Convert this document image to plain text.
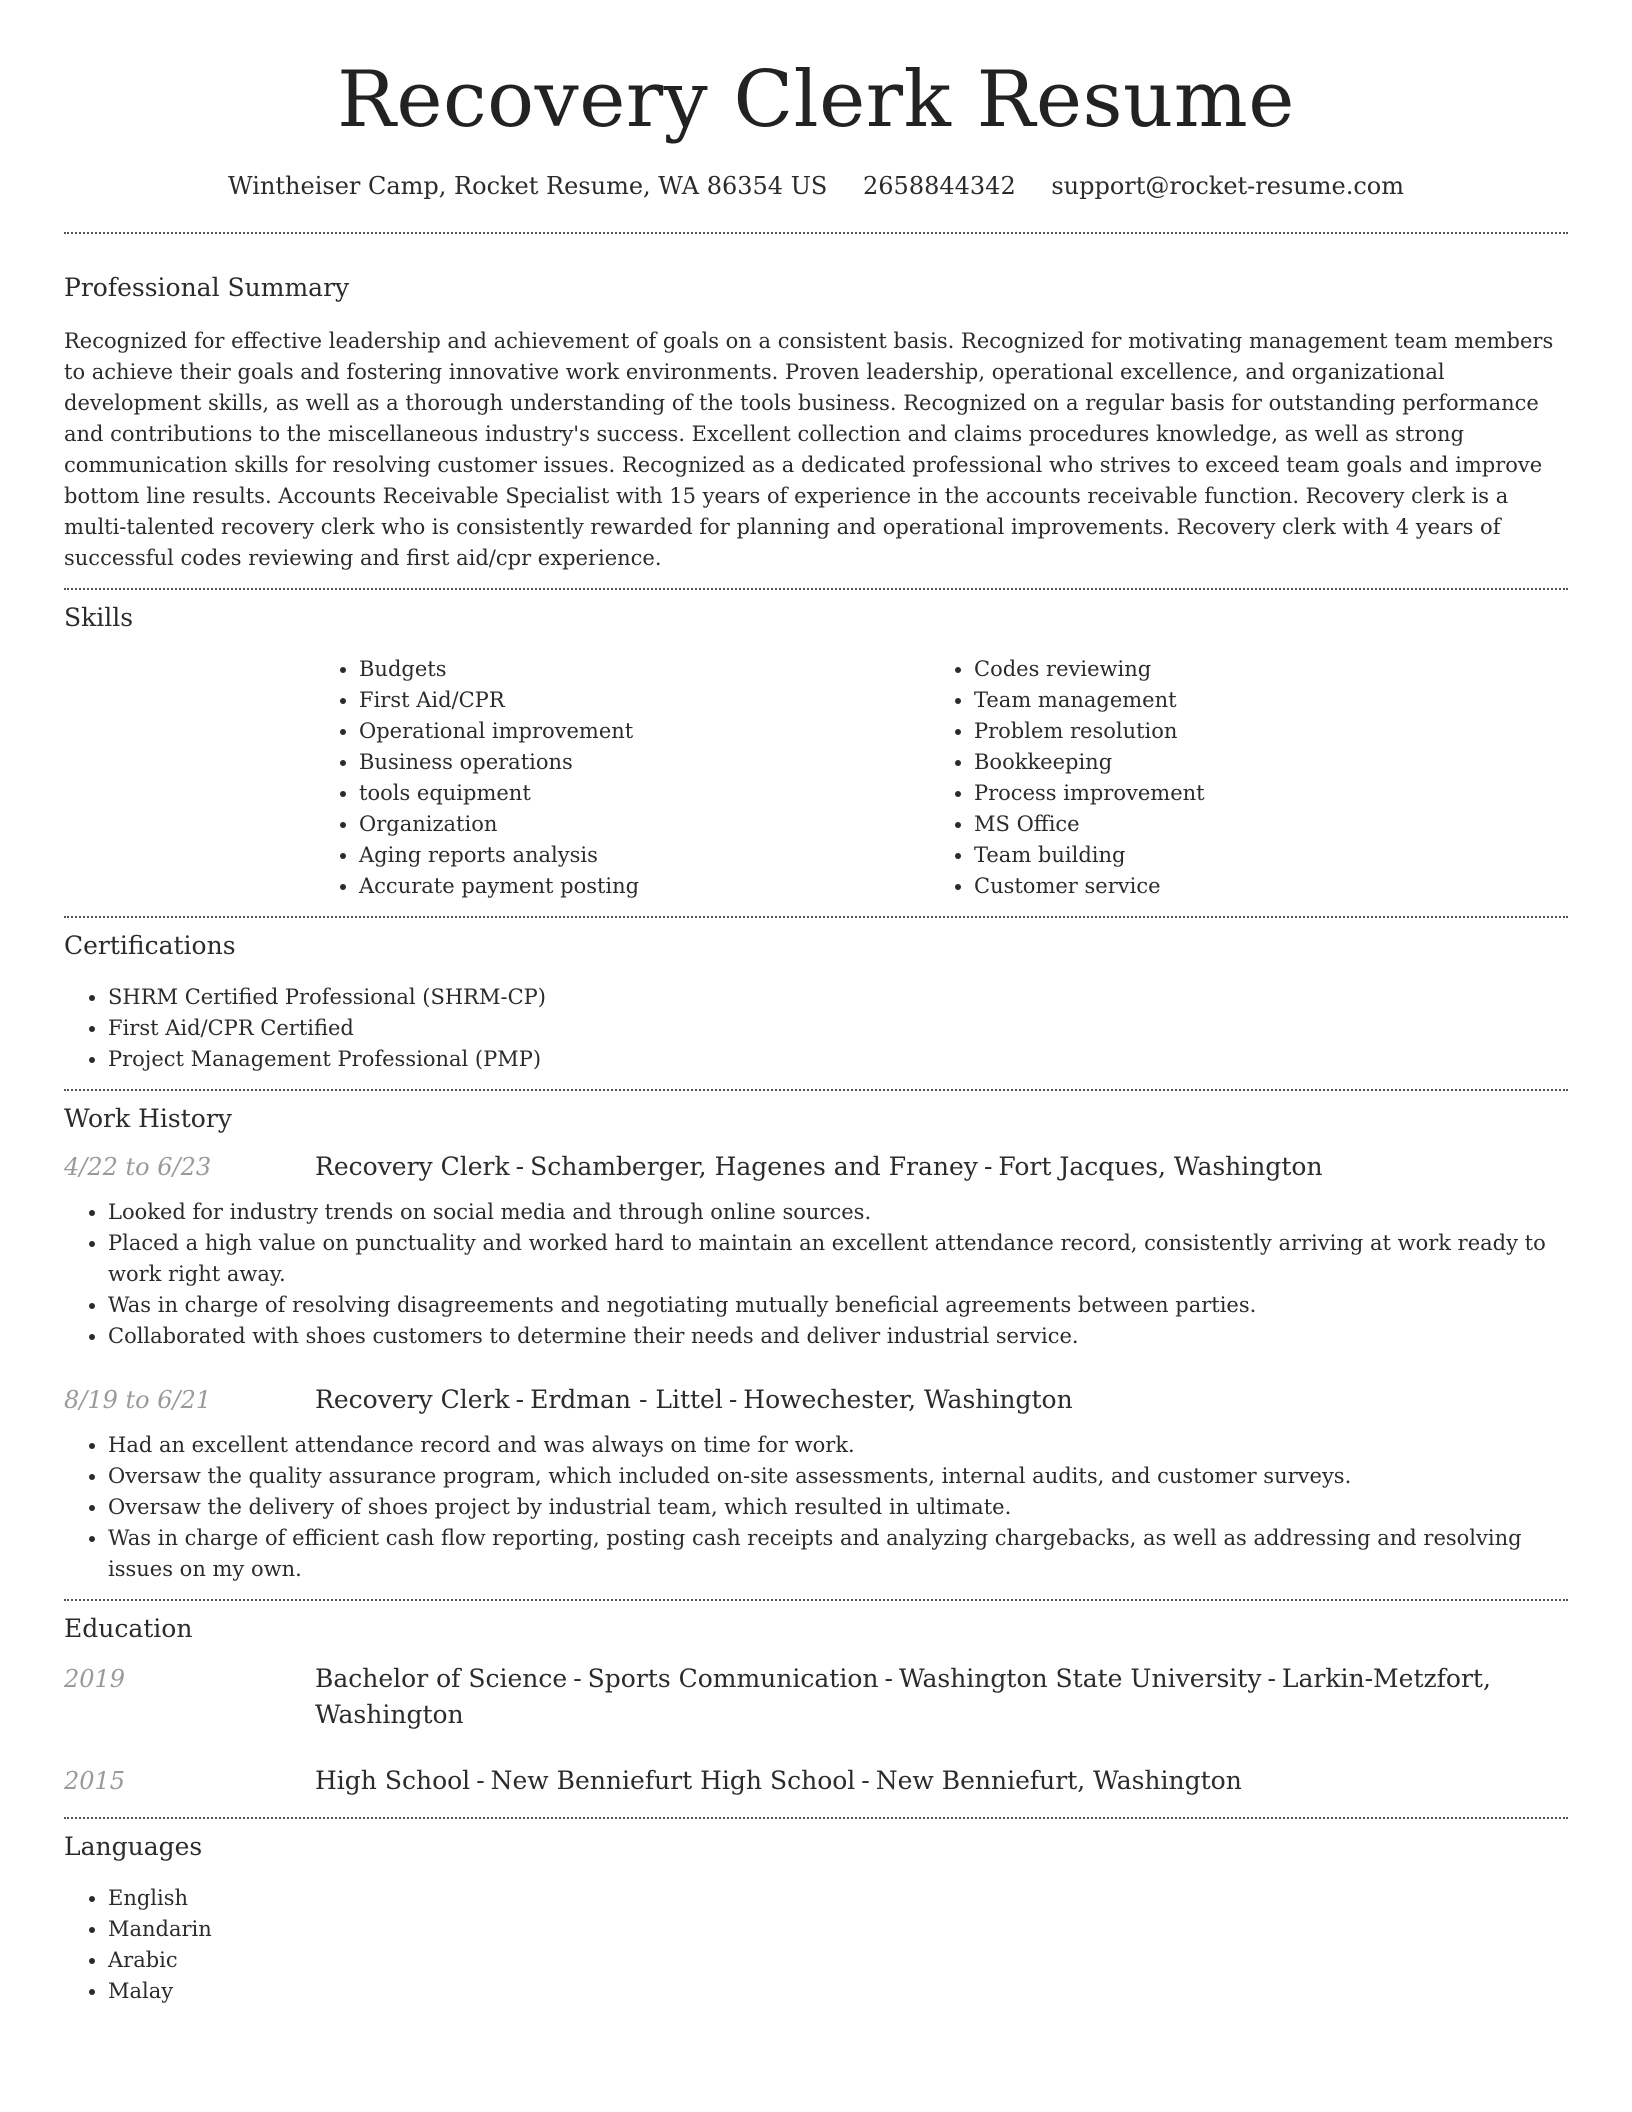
Recovery Clerk Resume
Wintheiser Camp, Rocket Resume, WA 86354 US 2658844342 support@rocket-resume.com
Professional Summary

Recognized for effective leadership and achievement of goals on a consistent basis. Recognized for motivating management team members to achieve their goals and fostering innovative work environments. Proven leadership, operational excellence, and organizational development skills, as well as a thorough understanding of the tools business. Recognized on a regular basis for outstanding performance and contributions to the miscellaneous industry's success. Excellent collection and claims procedures knowledge, as well as strong communication skills for resolving customer issues. Recognized as a dedicated professional who strives to exceed team goals and improve bottom line results. Accounts Receivable Specialist with 15 years of experience in the accounts receivable function. Recovery clerk is a multi-talented recovery clerk who is consistently rewarded for planning and operational improvements. Recovery clerk with 4 years of successful codes reviewing and first aid/cpr experience.

Skills
• Budgets
• First Aid/CPR
• Operational improvement
• Business operations
• tools equipment
• Organization
• Aging reports analysis
• Accurate payment posting
• Codes reviewing
• Team management
• Problem resolution
• Bookkeeping
• Process improvement
• MS Office
• Team building
• Customer service
Certifications
• SHRM Certified Professional (SHRM-CP)
• First Aid/CPR Certified
• Project Management Professional (PMP)
Work History
4/22 to 6/23	Recovery Clerk - Schamberger, Hagenes and Franey - Fort Jacques, Washington
• Looked for industry trends on social media and through online sources.
• Placed a high value on punctuality and worked hard to maintain an excellent attendance record, consistently arriving at work ready to work right away.
• Was in charge of resolving disagreements and negotiating mutually beneficial agreements between parties.
• Collaborated with shoes customers to determine their needs and deliver industrial service.
8/19 to 6/21	Recovery Clerk - Erdman - Littel - Howechester, Washington
• Had an excellent attendance record and was always on time for work.
• Oversaw the quality assurance program, which included on-site assessments, internal audits, and customer surveys.
• Oversaw the delivery of shoes project by industrial team, which resulted in ultimate.
• Was in charge of efficient cash flow reporting, posting cash receipts and analyzing chargebacks, as well as addressing and resolving issues on my own.
Education
2019	Bachelor of Science - Sports Communication - Washington State University - Larkin-Metzfort, Washington
2015	High School - New Benniefurt High School - New Benniefurt, Washington
Languages
• English
• Mandarin
• Arabic
• Malay
